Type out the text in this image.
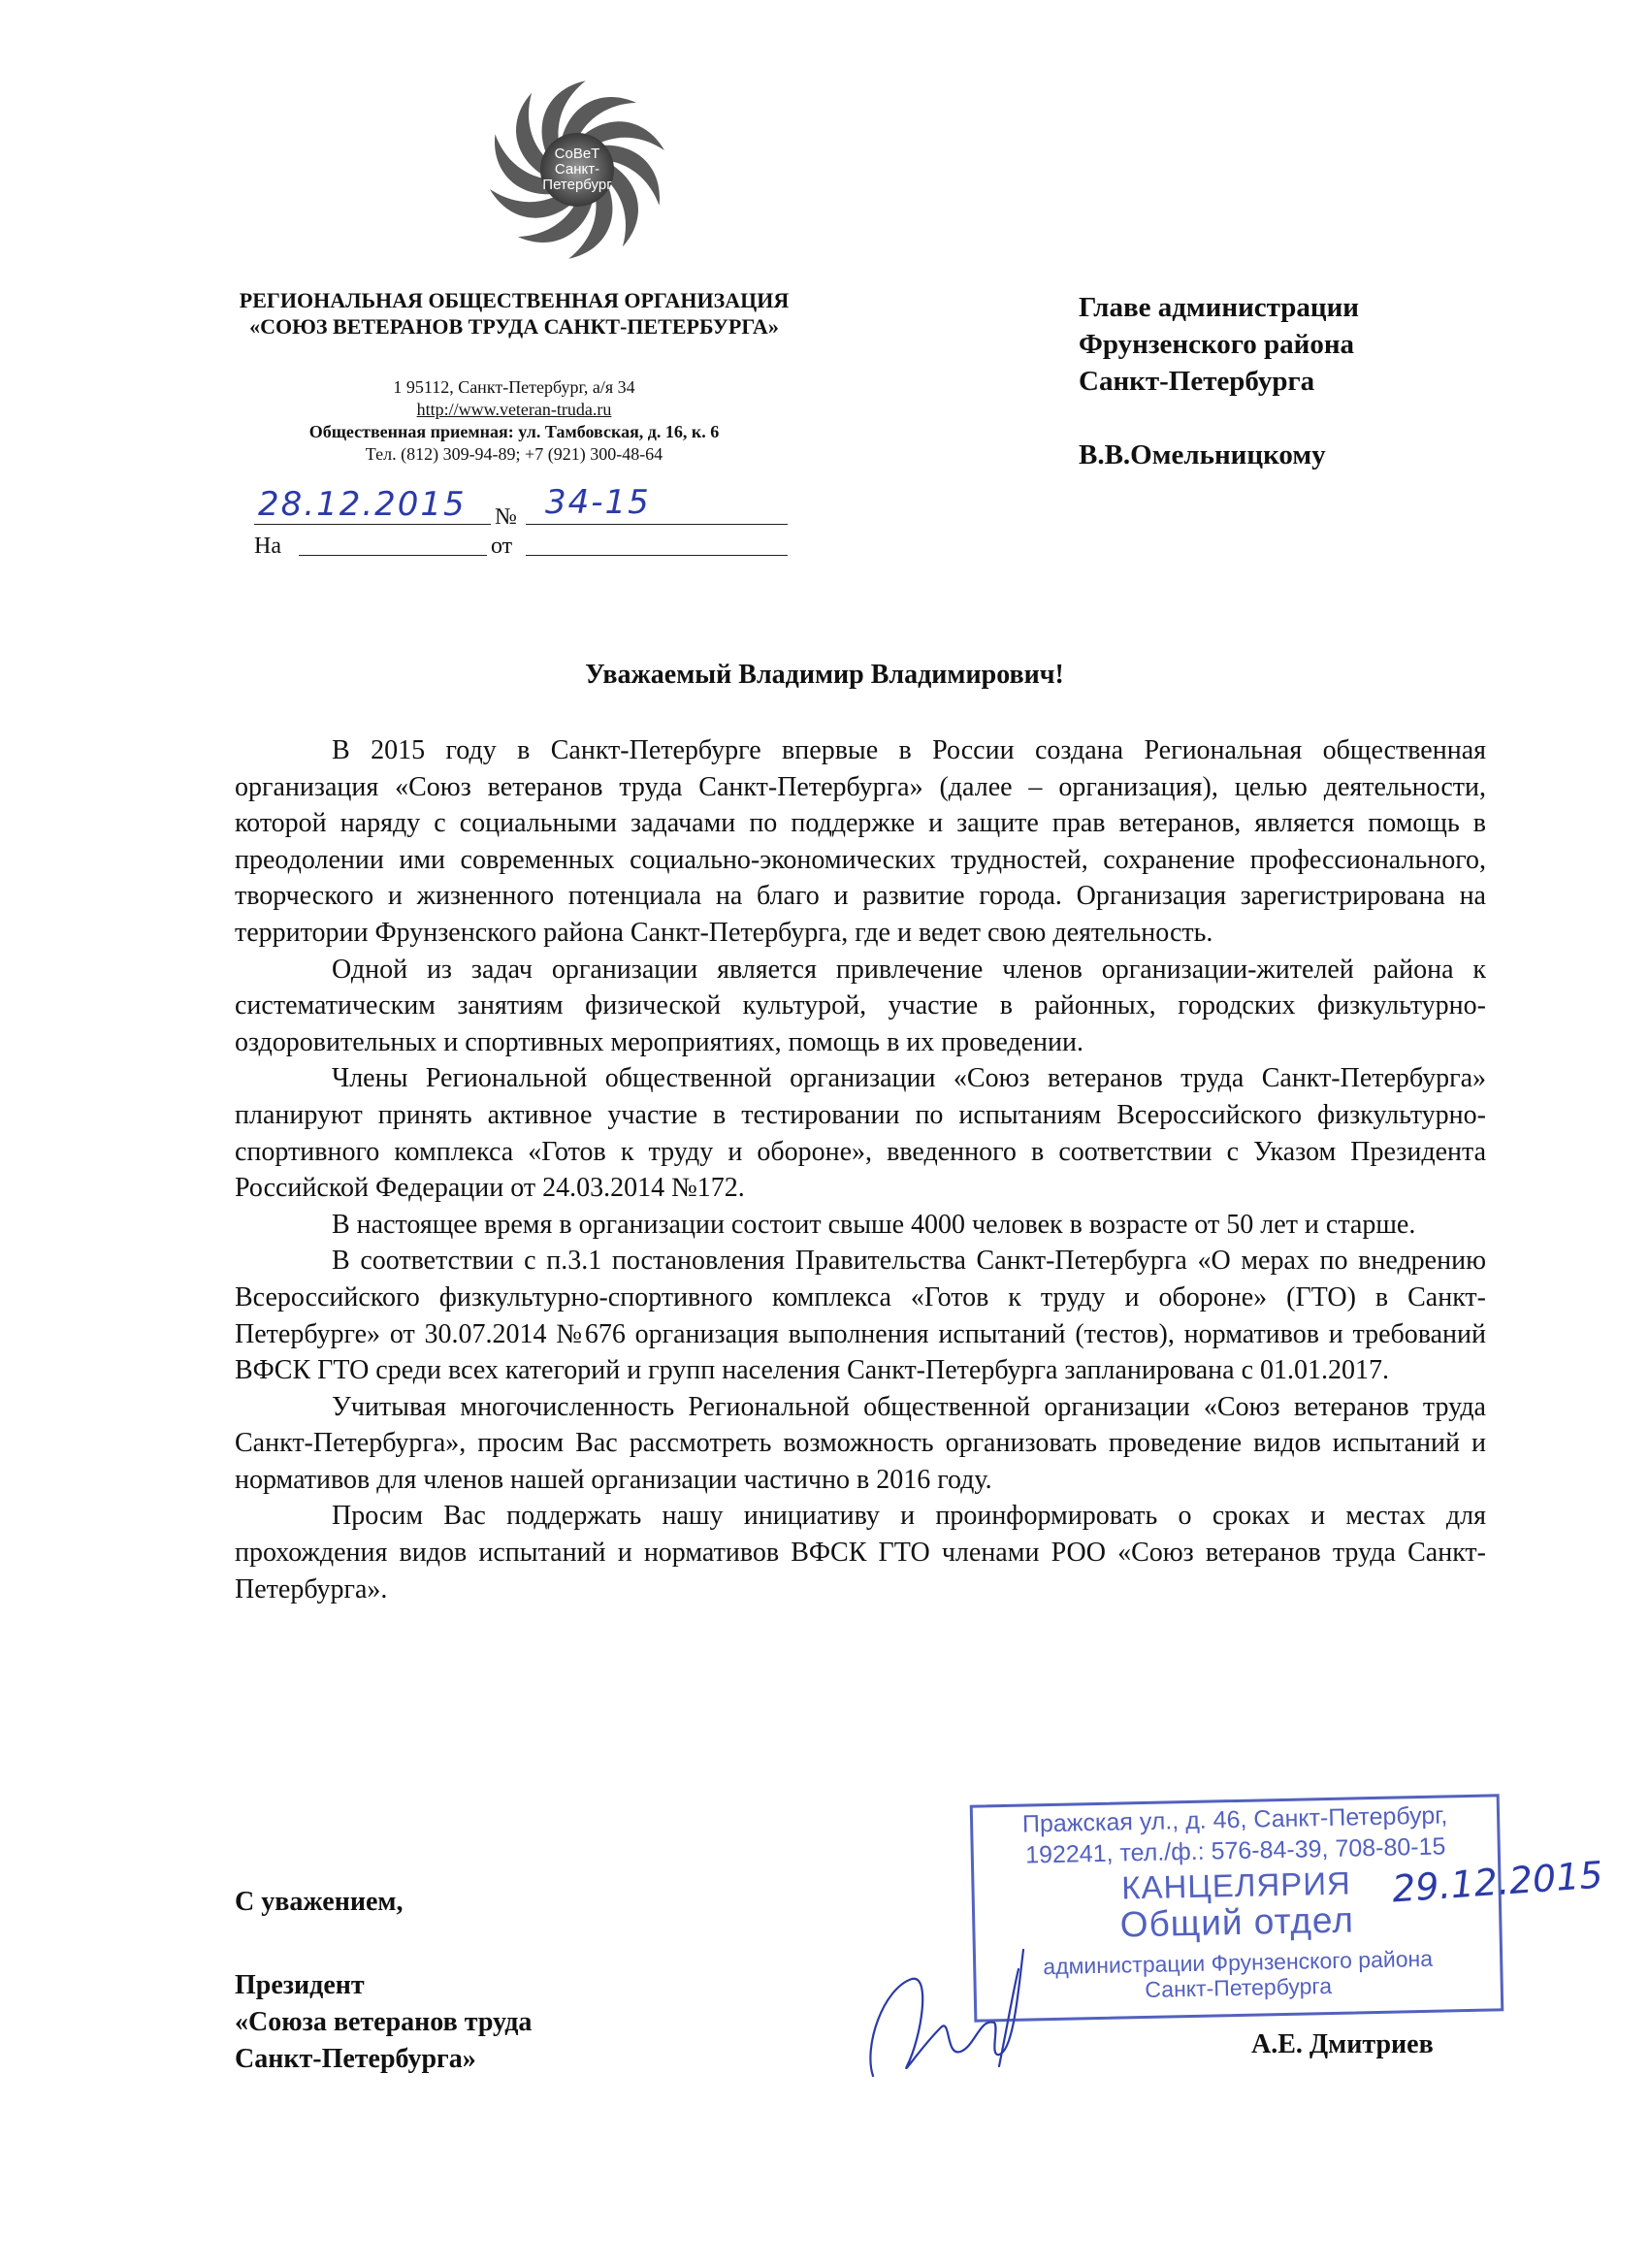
СоВеТ
Санкт-
Петербург
РЕГИОНАЛЬНАЯ ОБЩЕСТВЕННАЯ ОРГАНИЗАЦИЯ
«СОЮЗ ВЕТЕРАНОВ ТРУДА САНКТ-ПЕТЕРБУРГА»
1 95112, Санкт-Петербург, а/я 34
http://www.veteran-truda.ru
Общественная приемная: ул. Тамбовская, д. 16, к. 6
Тел. (812) 309-94-89; +7 (921) 300-48-64
Главе администрации
Фрунзенского района
Санкт-Петербурга
В.В.Омельницкому
28.12.2015 № 34-15
На	от
Уважаемый Владимир Владимирович!

В 2015 году в Санкт-Петербурге впервые в России создана Региональная общественная организация «Союз ветеранов труда Санкт-Петербурга» (далее – организация), целью деятельности, которой наряду с социальными задачами по поддержке и защите прав ветеранов, является помощь в преодолении ими современных социально-экономических трудностей, сохранение профессионального, творческого и жизненного потенциала на благо и развитие города. Организация зарегистрирована на территории Фрунзенского района Санкт-Петербурга, где и ведет свою деятельность.

Одной из задач организации является привлечение членов организации-жителей района к систематическим занятиям физической культурой, участие в районных, городских физкультурно-оздоровительных и спортивных мероприятиях, помощь в их проведении.

Члены Региональной общественной организации «Союз ветеранов труда Санкт-Петербурга» планируют принять активное участие в тестировании по испытаниям Всероссийского физкультурно-спортивного комплекса «Готов к труду и обороне», введенного в соответствии с Указом Президента Российской Федерации от 24.03.2014 №172.

В настоящее время в организации состоит свыше 4000 человек в возрасте от 50 лет и старше.

В соответствии с п.3.1 постановления Правительства Санкт-Петербурга «О мерах по внедрению Всероссийского физкультурно-спортивного комплекса «Готов к труду и обороне» (ГТО) в Санкт-Петербурге» от 30.07.2014 №676 организация выполнения испытаний (тестов), нормативов и требований ВФСК ГТО среди всех категорий и групп населения Санкт-Петербурга запланирована с 01.01.2017.

Учитывая многочисленность Региональной общественной организации «Союз ветеранов труда Санкт-Петербурга», просим Вас рассмотреть возможность организовать проведение видов испытаний и нормативов для членов нашей организации частично в 2016 году.

Просим Вас поддержать нашу инициативу и проинформировать о сроках и местах для прохождения видов испытаний и нормативов ВФСК ГТО членами РОО «Союз ветеранов труда Санкт-Петербурга».

С уважением,
Президент
«Союза ветеранов труда
Санкт-Петербурга»	А.Е. Дмитриев
Пражская ул., д. 46, Санкт-Петербург,
192241, тел./ф.: 576-84-39, 708-80-15
КАНЦЕЛЯРИЯ
Общий отдел
администрации Фрунзенского района
Санкт-Петербурга
29.12.2015
